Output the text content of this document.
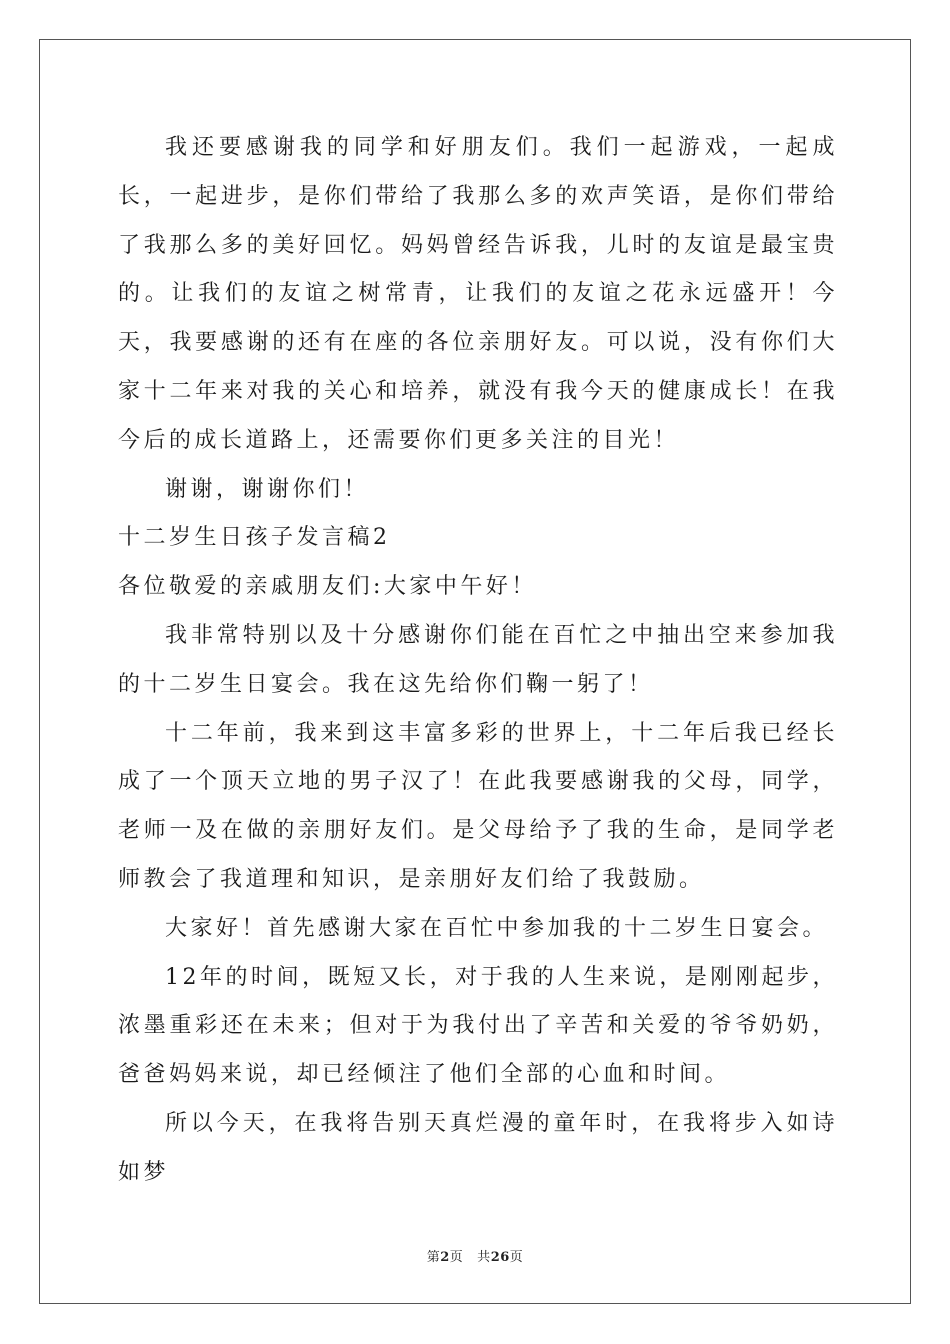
我还要感谢我的同学和好朋友们。我们一起游戏，一起成长，一起进步，是你们带给了我那么多的欢声笑语，是你们带给了我那么多的美好回忆。妈妈曾经告诉我，儿时的友谊是最宝贵的。让我们的友谊之树常青，让我们的友谊之花永远盛开！今天，我要感谢的还有在座的各位亲朋好友。可以说，没有你们大家十二年来对我的关心和培养，就没有我今天的健康成长！在我今后的成长道路上，还需要你们更多关注的目光！

谢谢，谢谢你们！

十二岁生日孩子发言稿2

各位敬爱的亲戚朋友们:大家中午好！

我非常特别以及十分感谢你们能在百忙之中抽出空来参加我的十二岁生日宴会。我在这先给你们鞠一躬了！

十二年前，我来到这丰富多彩的世界上，十二年后我已经长成了一个顶天立地的男子汉了！在此我要感谢我的父母，同学，老师一及在做的亲朋好友们。是父母给予了我的生命，是同学老师教会了我道理和知识，是亲朋好友们给了我鼓励。

大家好！首先感谢大家在百忙中参加我的十二岁生日宴会。

12年的时间，既短又长，对于我的人生来说，是刚刚起步，浓墨重彩还在未来；但对于为我付出了辛苦和关爱的爷爷奶奶，爸爸妈妈来说，却已经倾注了他们全部的心血和时间。

所以今天，在我将告别天真烂漫的童年时，在我将步入如诗如梦

第2页 共26页
